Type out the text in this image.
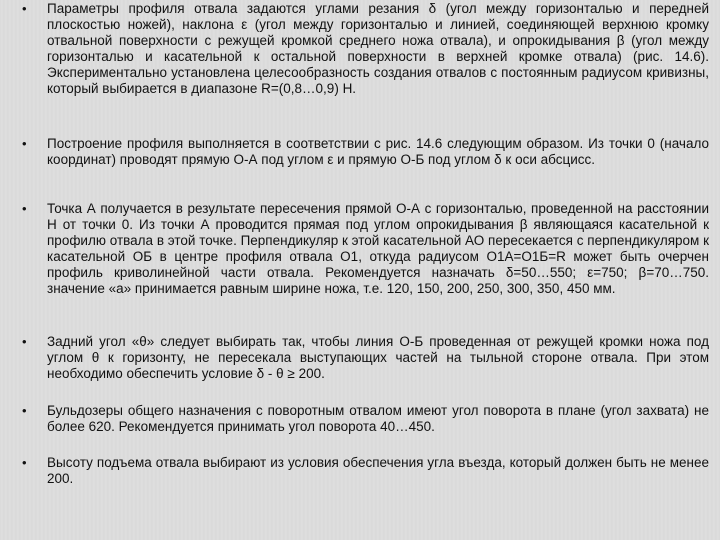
• Параметры профиля отвала задаются углами резания δ (угол между горизонталью и передней плоскостью ножей), наклона ε (угол между горизонталью и линией, соединяющей верхнюю кромку отвальной поверхности с режущей кромкой среднего ножа отвала), и опрокидывания β (угол между горизонталью и касательной к остальной поверхности в верхней кромке отвала) (рис. 14.6). Экспериментально установлена целесообразность создания отвалов с постоянным радиусом кривизны, который выбирается в диапазоне R=(0,8…0,9) Н.
• Построение профиля выполняется в соответствии с рис. 14.6 следующим образом. Из точки 0 (начало координат) проводят прямую О-А под углом ε и прямую О-Б под углом δ к оси абсцисс.
• Точка А получается в результате пересечения прямой О-А с горизонталью, проведенной на расстоянии Н от точки 0. Из точки А проводится прямая под углом опрокидывания β являющаяся касательной к профилю отвала в этой точке. Перпендикуляр к этой касательной АО пересекается с перпендикуляром к касательной ОБ в центре профиля отвала О1, откуда радиусом О1А=О1Б=R может быть очерчен профиль криволинейной части отвала. Рекомендуется назначать δ=50…550; ε=750; β=70…750. значение «а» принимается равным ширине ножа, т.е. 120, 150, 200, 250, 300, 350, 450 мм.
• Задний угол «θ» следует выбирать так, чтобы линия О-Б проведенная от режущей кромки ножа под углом θ к горизонту, не пересекала выступающих частей на тыльной стороне отвала. При этом необходимо обеспечить условие δ - θ ≥ 200.
• Бульдозеры общего назначения с поворотным отвалом имеют угол поворота в плане (угол захвата) не более 620. Рекомендуется принимать угол поворота 40…450.
• Высоту подъема отвала выбирают из условия обеспечения угла въезда, который должен быть не менее 200.
